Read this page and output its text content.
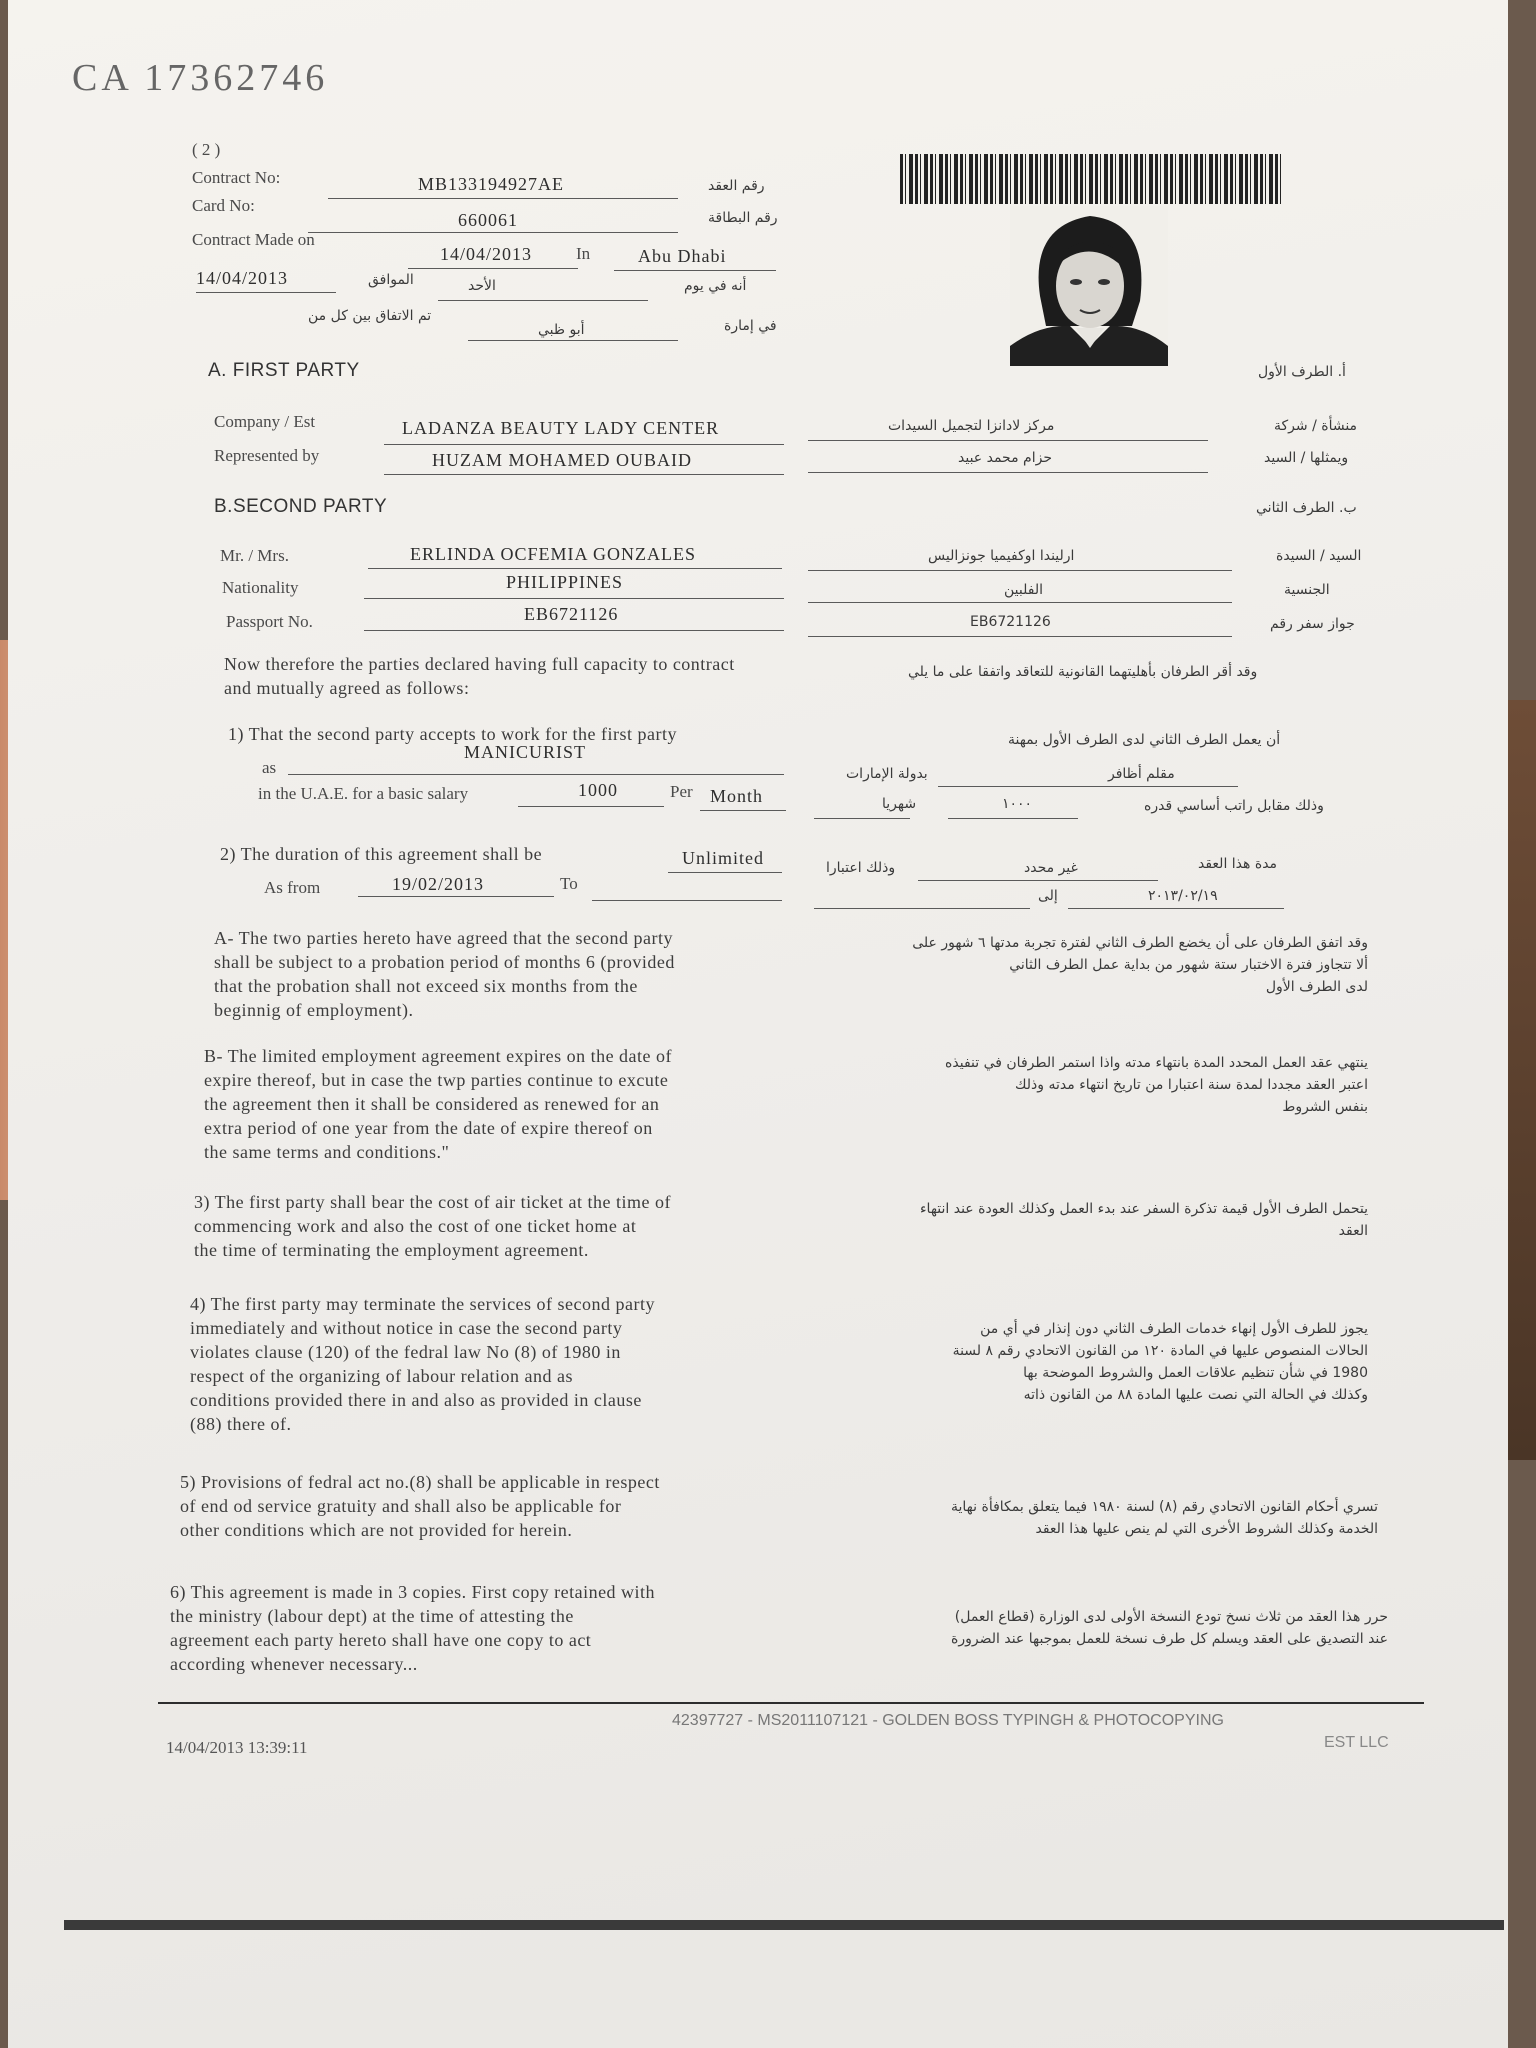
CA 17362746
( 2 )
Contract No:	MB133194927AE	رقم العقد
Card No:
660061	رقم البطاقة
Contract Made on
14/04/2013	In	Abu Dhabi
14/04/2013	الموافق	الأحد	أنه في يوم
تم الاتفاق بين كل من
أبو ظبي	في إمارة
A. FIRST PARTY	أ. الطرف الأول
Company / Est	LADANZA BEAUTY LADY CENTER	مركز لادانزا لتجميل السيدات	منشأة / شركة
Represented by	HUZAM MOHAMED OUBAID	حزام محمد عبيد	ويمثلها / السيد
B.SECOND PARTY	ب. الطرف الثاني
Mr. / Mrs.	ERLINDA OCFEMIA GONZALES	ارليندا اوكفيميا جونزاليس	السيد / السيدة
Nationality	PHILIPPINES	الفلبين	الجنسية
Passport No.	EB6721126	EB6721126	جواز سفر رقم
Now therefore the parties declared having full capacity to contract
and mutually agreed as follows:
وقد أقر الطرفان بأهليتهما القانونية للتعاقد واتفقا على ما يلي
1) That the second party accepts to work for the first party
as
MANICURIST
in the U.A.E. for a basic salary	1000	Per Month
أن يعمل الطرف الثاني لدى الطرف الأول بمهنة
مقلم أظافر
بدولة الإمارات
شهريا	١٠٠٠	وذلك مقابل راتب أساسي قدره
2) The duration of this agreement shall be	Unlimited
As from	19/02/2013	To
مدة هذا العقد
غير محدد
وذلك اعتبارا
٢٠١٣/٠٢/١٩
إلى
A- The two parties hereto have agreed that the second party
shall be subject to a probation period of months 6 (provided
that the probation shall not exceed six months from the
beginnig of employment).
وقد اتفق الطرفان على أن يخضع الطرف الثاني لفترة تجربة مدتها ٦ شهور على
ألا تتجاوز فترة الاختبار ستة شهور من بداية عمل الطرف الثاني
لدى الطرف الأول
B- The limited employment agreement expires on the date of
expire thereof, but in case the twp parties continue to excute
the agreement then it shall be considered as renewed for an
extra period of one year from the date of expire thereof on
the same terms and conditions."
ينتهي عقد العمل المحدد المدة بانتهاء مدته واذا استمر الطرفان في تنفيذه
اعتبر العقد مجددا لمدة سنة اعتبارا من تاريخ انتهاء مدته وذلك
بنفس الشروط
3) The first party shall bear the cost of air ticket at the time of
commencing work and also the cost of one ticket home at
the time of terminating the employment agreement.
يتحمل الطرف الأول قيمة تذكرة السفر عند بدء العمل وكذلك العودة عند انتهاء
العقد
4) The first party may terminate the services of second party
immediately and without notice in case the second party
violates clause (120) of the fedral law No (8) of 1980 in
respect of the organizing of labour relation and as
conditions provided there in and also as provided in clause
(88) there of.
يجوز للطرف الأول إنهاء خدمات الطرف الثاني دون إنذار في أي من
الحالات المنصوص عليها في المادة ١٢٠ من القانون الاتحادي رقم ٨ لسنة
1980 في شأن تنظيم علاقات العمل والشروط الموضحة بها
وكذلك في الحالة التي نصت عليها المادة ٨٨ من القانون ذاته
5) Provisions of fedral act no.(8) shall be applicable in respect
of end od service gratuity and shall also be applicable for
other conditions which are not provided for herein.
تسري أحكام القانون الاتحادي رقم (٨) لسنة ١٩٨٠ فيما يتعلق بمكافأة نهاية
الخدمة وكذلك الشروط الأخرى التي لم ينص عليها هذا العقد
6) This agreement is made in 3 copies. First copy retained with
the ministry (labour dept) at the time of attesting the
agreement each party hereto shall have one copy to act
according whenever necessary...
حرر هذا العقد من ثلاث نسخ تودع النسخة الأولى لدى الوزارة (قطاع العمل)
عند التصديق على العقد ويسلم كل طرف نسخة للعمل بموجبها عند الضرورة
42397727 - MS2011107121 - GOLDEN BOSS TYPINGH & PHOTOCOPYING
EST LLC
14/04/2013 13:39:11
